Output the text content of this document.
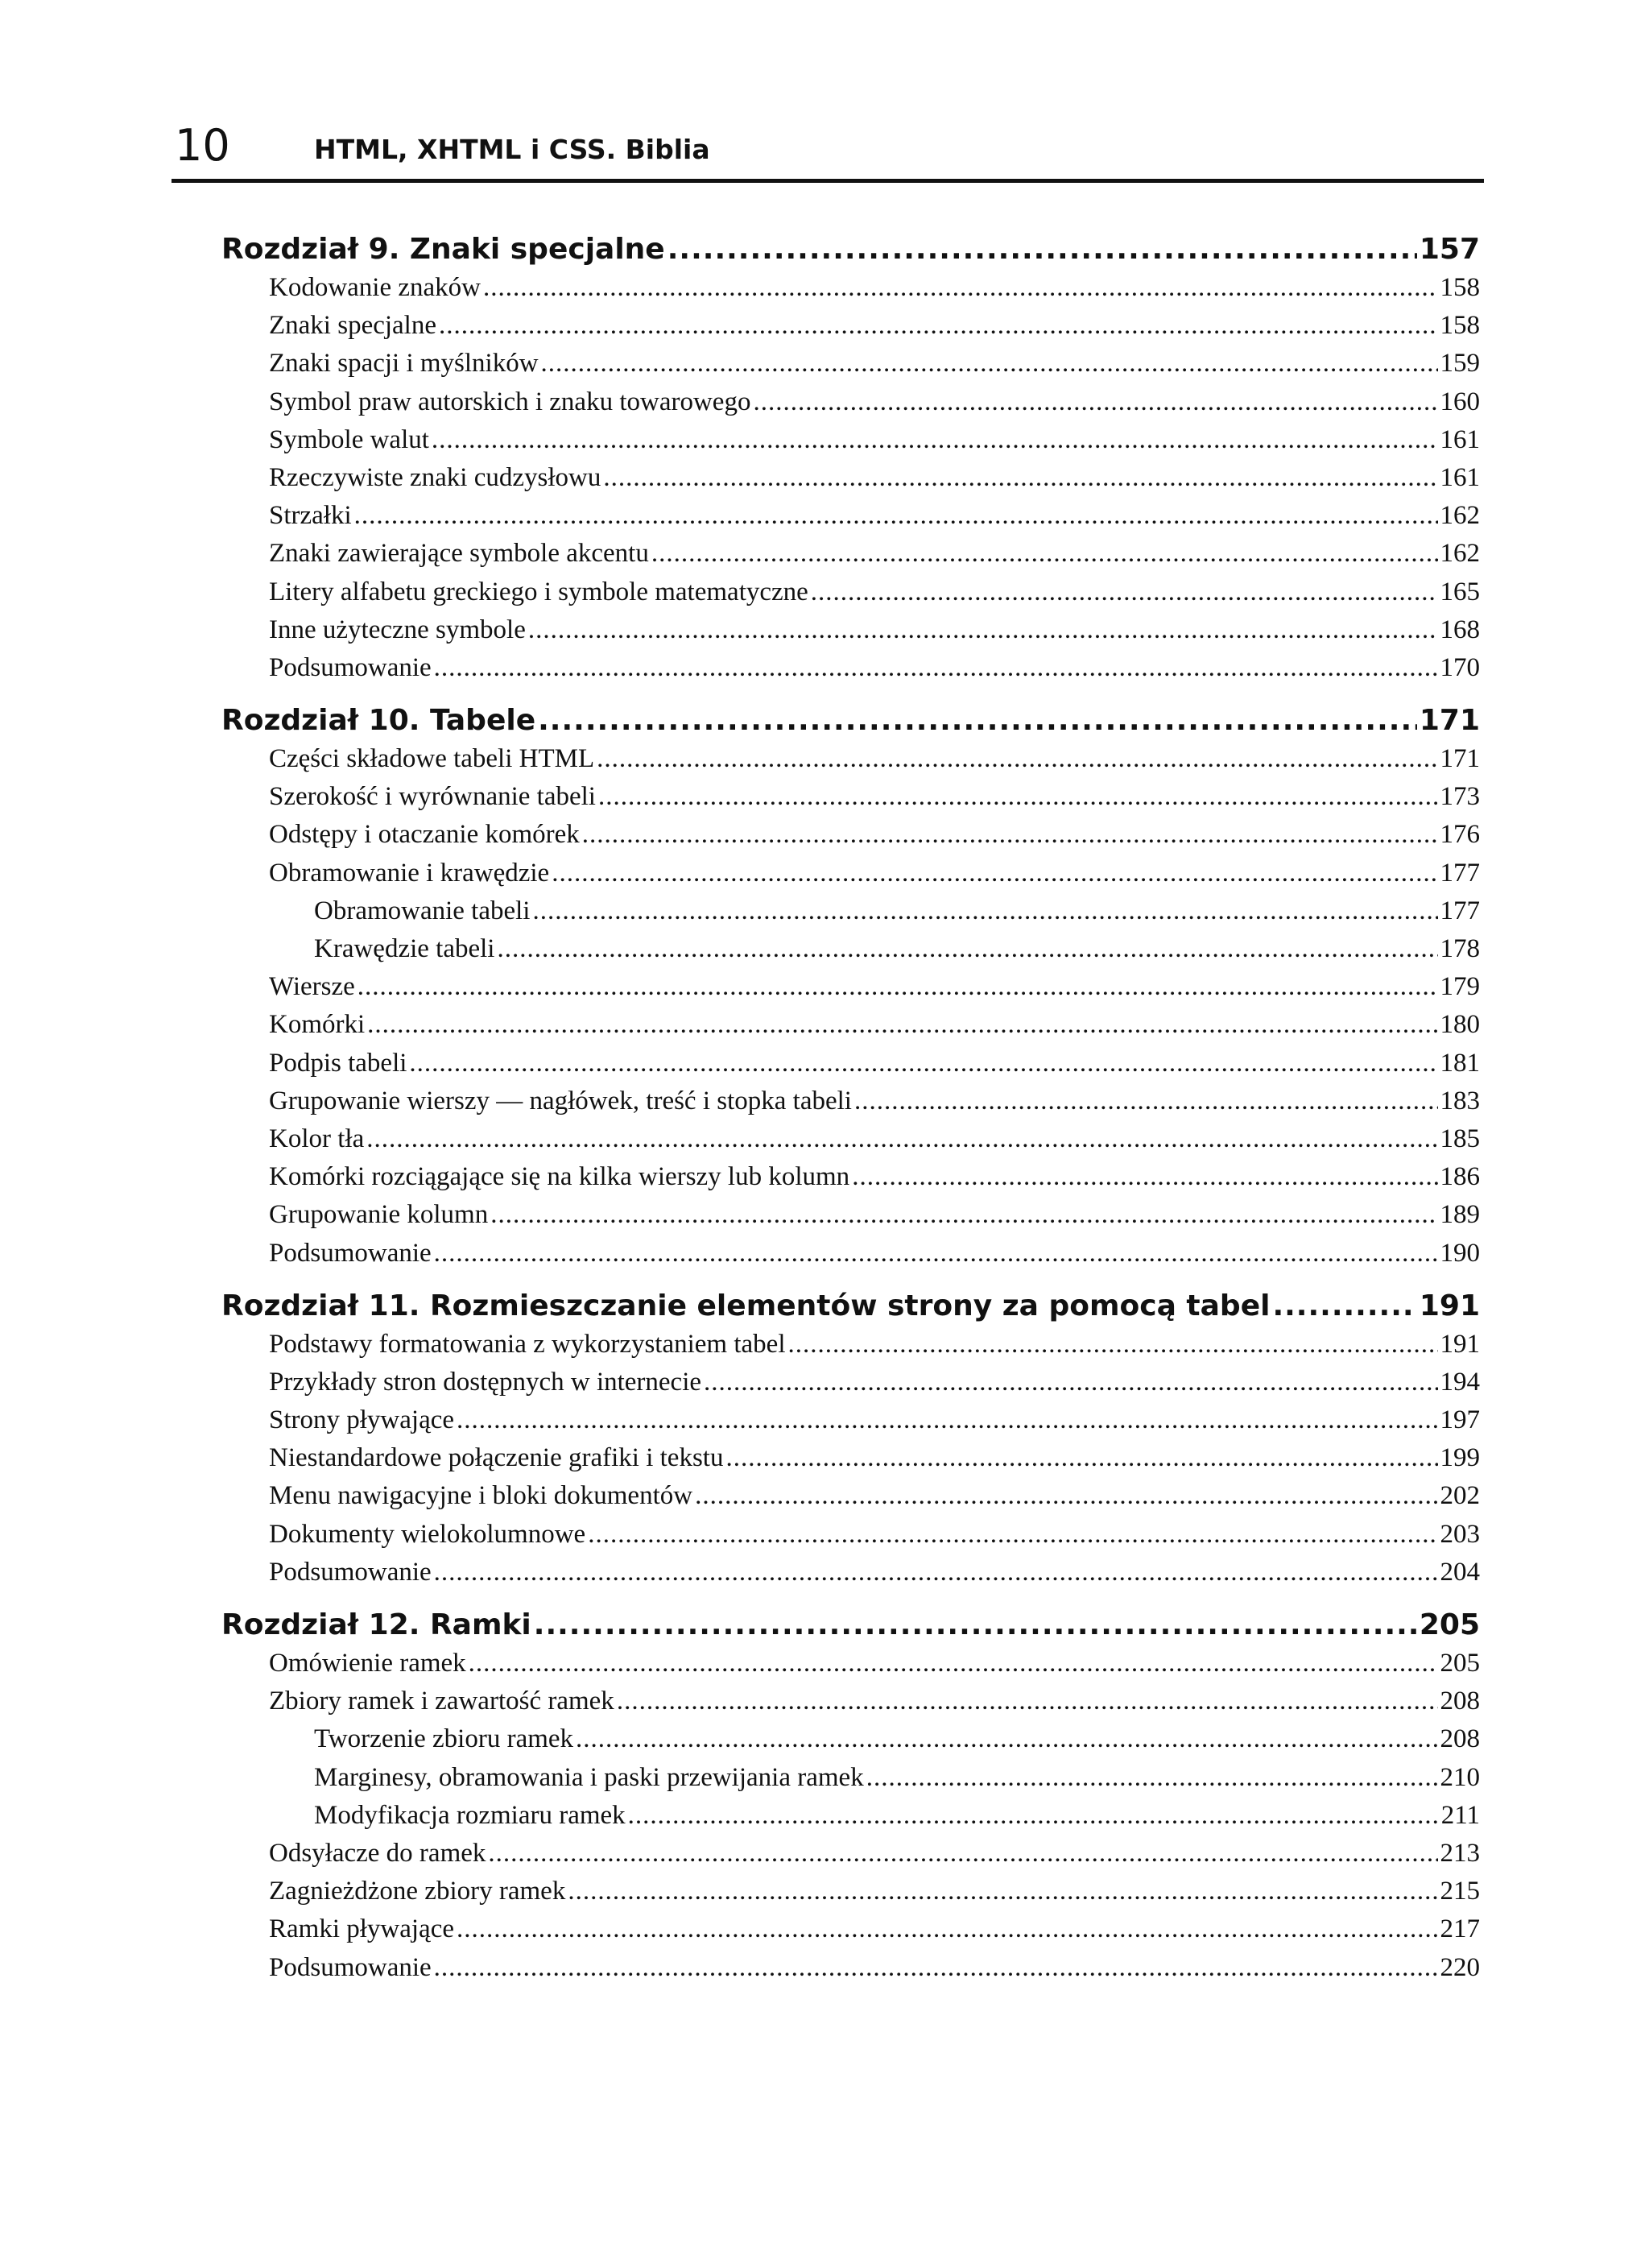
10	HTML, XHTML i CSS. Biblia
Rozdział 9. Znaki specjalne .....	157
Kodowanie znaków .....	158
Znaki specjalne .....	158
Znaki spacji i myślników .....	159
Symbol praw autorskich i znaku towarowego .....	160
Symbole walut .....	161
Rzeczywiste znaki cudzysłowu .....	161
Strzałki .....	162
Znaki zawierające symbole akcentu .....	162
Litery alfabetu greckiego i symbole matematyczne .....	165
Inne użyteczne symbole .....	168
Podsumowanie .....	170
Rozdział 10. Tabele .....	171
Części składowe tabeli HTML .....	171
Szerokość i wyrównanie tabeli .....	173
Odstępy i otaczanie komórek .....	176
Obramowanie i krawędzie .....	177
Obramowanie tabeli .....	177
Krawędzie tabeli .....	178
Wiersze .....	179
Komórki .....	180
Podpis tabeli .....	181
Grupowanie wierszy — nagłówek, treść i stopka tabeli .....	183
Kolor tła .....	185
Komórki rozciągające się na kilka wierszy lub kolumn .....	186
Grupowanie kolumn .....	189
Podsumowanie .....	190
Rozdział 11. Rozmieszczanie elementów strony za pomocą tabel .....	191
Podstawy formatowania z wykorzystaniem tabel .....	191
Przykłady stron dostępnych w internecie .....	194
Strony pływające .....	197
Niestandardowe połączenie grafiki i tekstu .....	199
Menu nawigacyjne i bloki dokumentów .....	202
Dokumenty wielokolumnowe .....	203
Podsumowanie .....	204
Rozdział 12. Ramki .....	205
Omówienie ramek .....	205
Zbiory ramek i zawartość ramek .....	208
Tworzenie zbioru ramek .....	208
Marginesy, obramowania i paski przewijania ramek .....	210
Modyfikacja rozmiaru ramek .....	211
Odsyłacze do ramek .....	213
Zagnieżdżone zbiory ramek .....	215
Ramki pływające .....	217
Podsumowanie .....	220
